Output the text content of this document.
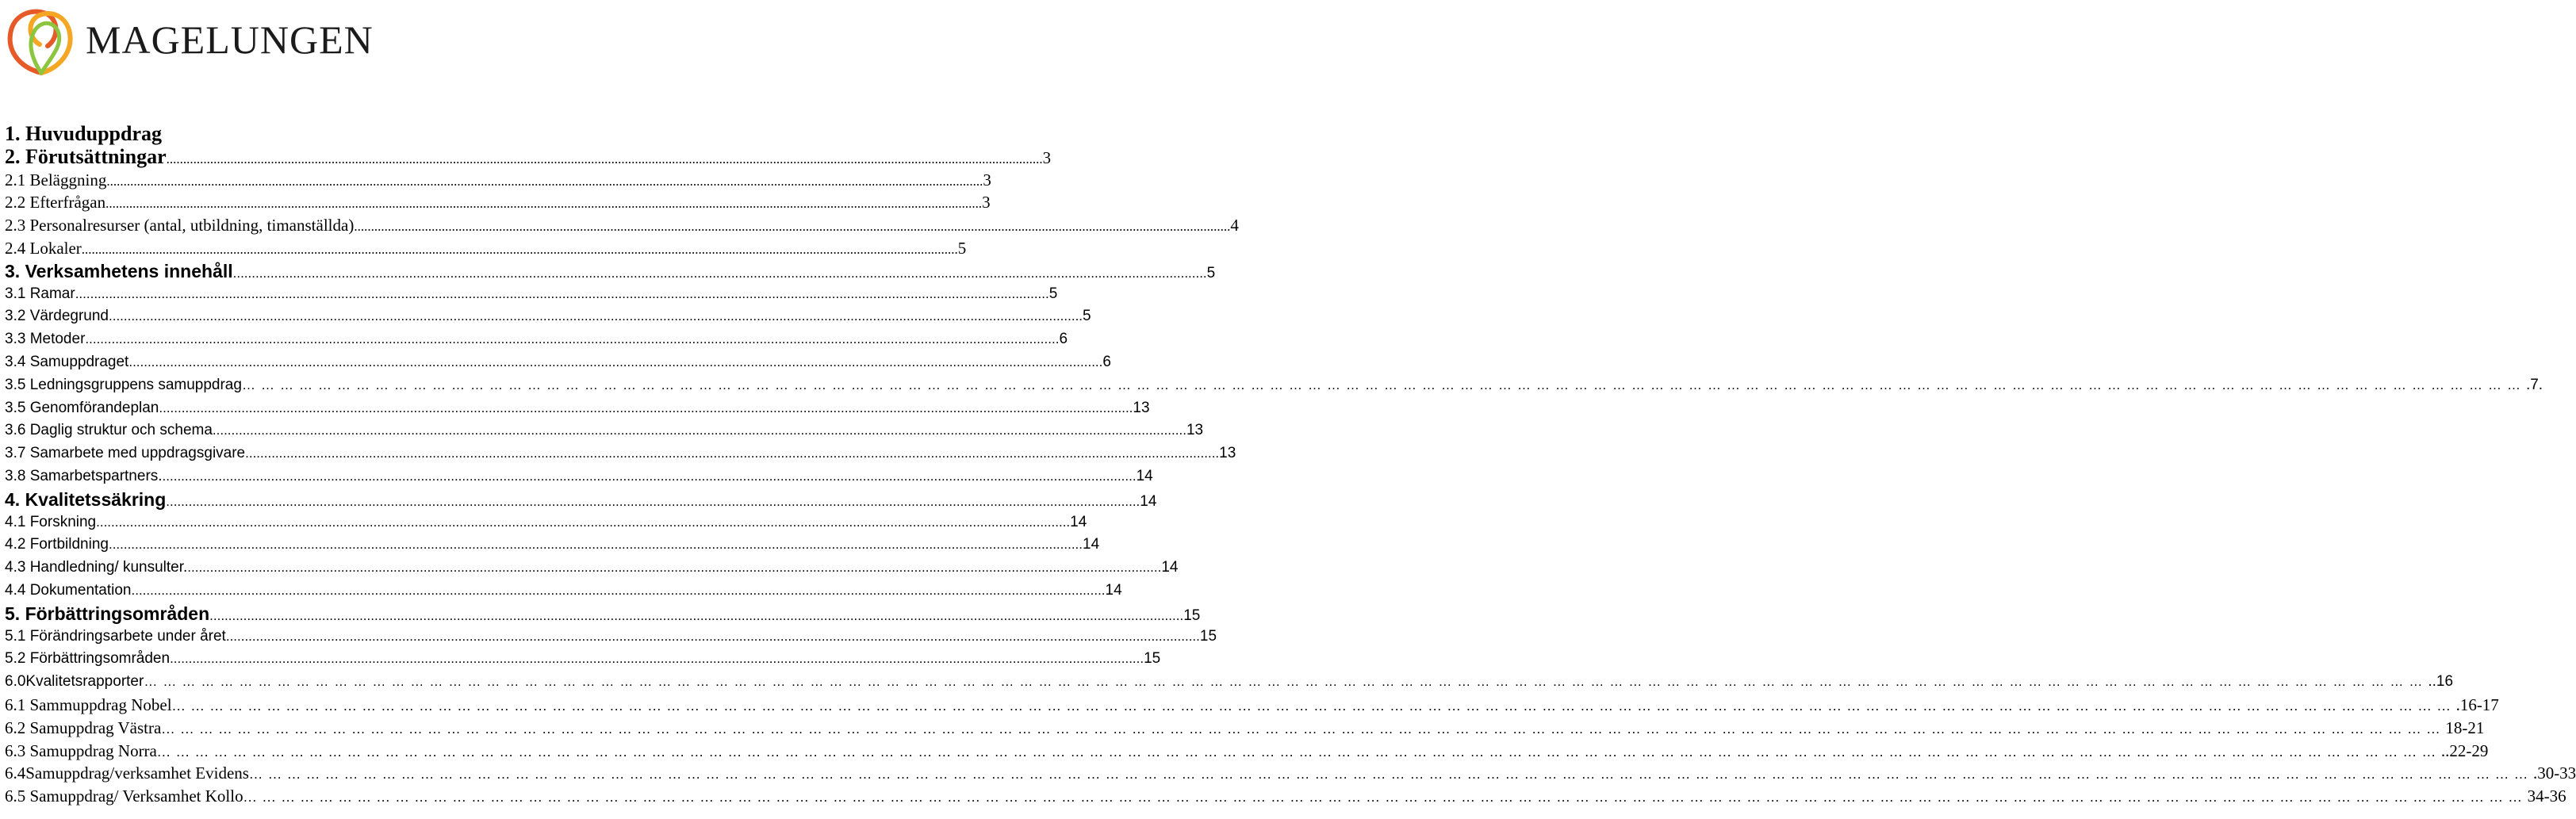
MAGELUNGEN
1. Huvuduppdrag
2. Förutsättningar .................................................................................................................................................................................................................................................................... 3
2.1 Beläggning .................................................................................................................................................................................................................................................................... 3
2.2 Efterfrågan .................................................................................................................................................................................................................................................................... 3
2.3 Personalresurser (antal, utbildning, timanställda) .................................................................................................................................................................................................................................................................... 4
2.4 Lokaler .................................................................................................................................................................................................................................................................... 5
3. Verksamhetens innehåll .................................................................................................................................................................................................................................................................... 5
3.1 Ramar .................................................................................................................................................................................................................................................................... 5
3.2 Värdegrund .................................................................................................................................................................................................................................................................... 5
3.3 Metoder .................................................................................................................................................................................................................................................................... 6
3.4 Samuppdraget .................................................................................................................................................................................................................................................................... 6
3.5 Ledningsgruppens samuppdrag ……………………………………………………………………………………………………………………………………………………………………………………………………………………………………………………………………………………………………………………………… .7.
3.5 Genomförandeplan .................................................................................................................................................................................................................................................................... 13
3.6 Daglig struktur och schema .................................................................................................................................................................................................................................................................... 13
3.7 Samarbete med uppdragsgivare .................................................................................................................................................................................................................................................................... 13
3.8 Samarbetspartners. .................................................................................................................................................................................................................................................................... 14
4. Kvalitetssäkring .................................................................................................................................................................................................................................................................... 14
4.1 Forskning .................................................................................................................................................................................................................................................................... 14
4.2 Fortbildning .................................................................................................................................................................................................................................................................... 14
4.3 Handledning/ kunsulter. .................................................................................................................................................................................................................................................................... 14
4.4 Dokumentation .................................................................................................................................................................................................................................................................... 14
5. Förbättringsområden .................................................................................................................................................................................................................................................................... 15
5.1 Förändringsarbete under året .................................................................................................................................................................................................................................................................... 15
5.2 Förbättringsområden .................................................................................................................................................................................................................................................................... 15
6.0Kvalitetsrapporter ……………………………………………………………………………………………………………………………………………………………………………………………………………………………………………………………………………………………………………………………… ..16
6.1 Sammuppdrag Nobel ……………………………………………………………………………………………………………………………………………………………………………………………………………………………………………………………………………………………………………………………… .16-17
6.2 Samuppdrag Västra ……………………………………………………………………………………………………………………………………………………………………………………………………………………………………………………………………………………………………………………………… 18-21
6.3 Samuppdrag Norra ……………………………………………………………………………………………………………………………………………………………………………………………………………………………………………………………………………………………………………………………… ..22-29
6.4Samuppdrag/verksamhet Evidens ……………………………………………………………………………………………………………………………………………………………………………………………………………………………………………………………………………………………………………………………… .30-33
6.5 Samuppdrag/ Verksamhet Kollo ……………………………………………………………………………………………………………………………………………………………………………………………………………………………………………………………………………………………………………………………… 34-36
